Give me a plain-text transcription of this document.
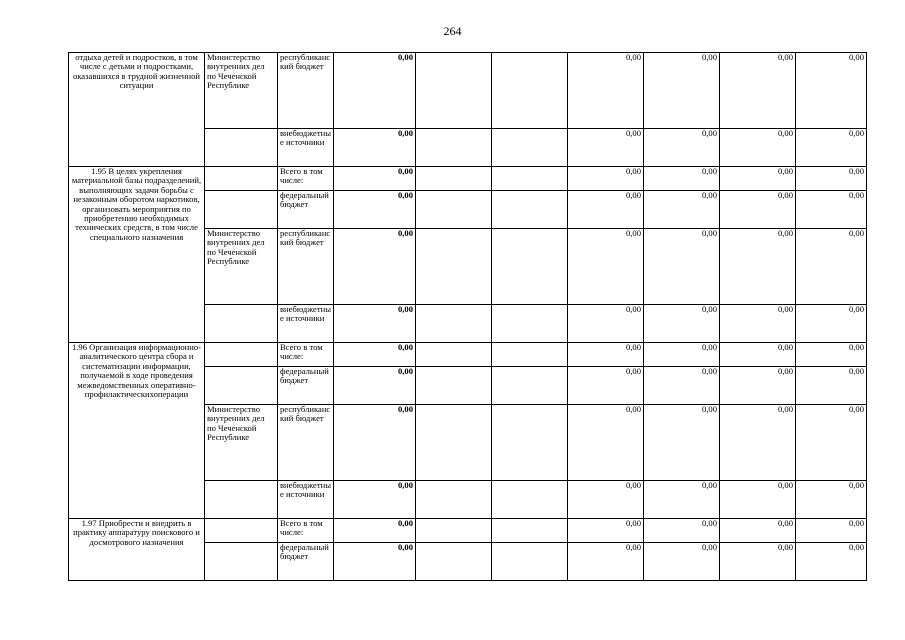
264
отдыха детей и подростков, в том числе с детьми и подростками, оказавшихся в трудной жизненной ситуации	Министерство внутренних дел по Чеченской Республике	республиканский бюджет	0,00			0,00	0,00	0,00	0,00
		внебюджетные источники	0,00			0,00	0,00	0,00	0,00
1.95 В целях укрепления материальной базы подразделений, выполняющих задачи борьбы с незаконным оборотом наркотиков, организовать мероприятия по приобретению необходимых технических средств, в том числе специального назначения		Всего в том числе:	0,00			0,00	0,00	0,00	0,00
		федеральный бюджет	0,00			0,00	0,00	0,00	0,00
	Министерство внутренних дел по Чеченской Республике	республиканский бюджет	0,00			0,00	0,00	0,00	0,00
		внебюджетные источники	0,00			0,00	0,00	0,00	0,00
1.96 Организация информационно-аналитического центра сбора и систематизации информации, получаемой в ходе проведения межведомственных оперативно-профилактическихоперации		Всего в том числе:	0,00			0,00	0,00	0,00	0,00
		федеральный бюджет	0,00			0,00	0,00	0,00	0,00
	Министерство внутренних дел по Чеченской Республике	республиканский бюджет	0,00			0,00	0,00	0,00	0,00
		внебюджетные источники	0,00			0,00	0,00	0,00	0,00
1.97 Приобрести и внедрить в практику аппаратуру поискового и досмотрового назначения		Всего в том числе:	0,00			0,00	0,00	0,00	0,00
		федеральный бюджет	0,00			0,00	0,00	0,00	0,00
